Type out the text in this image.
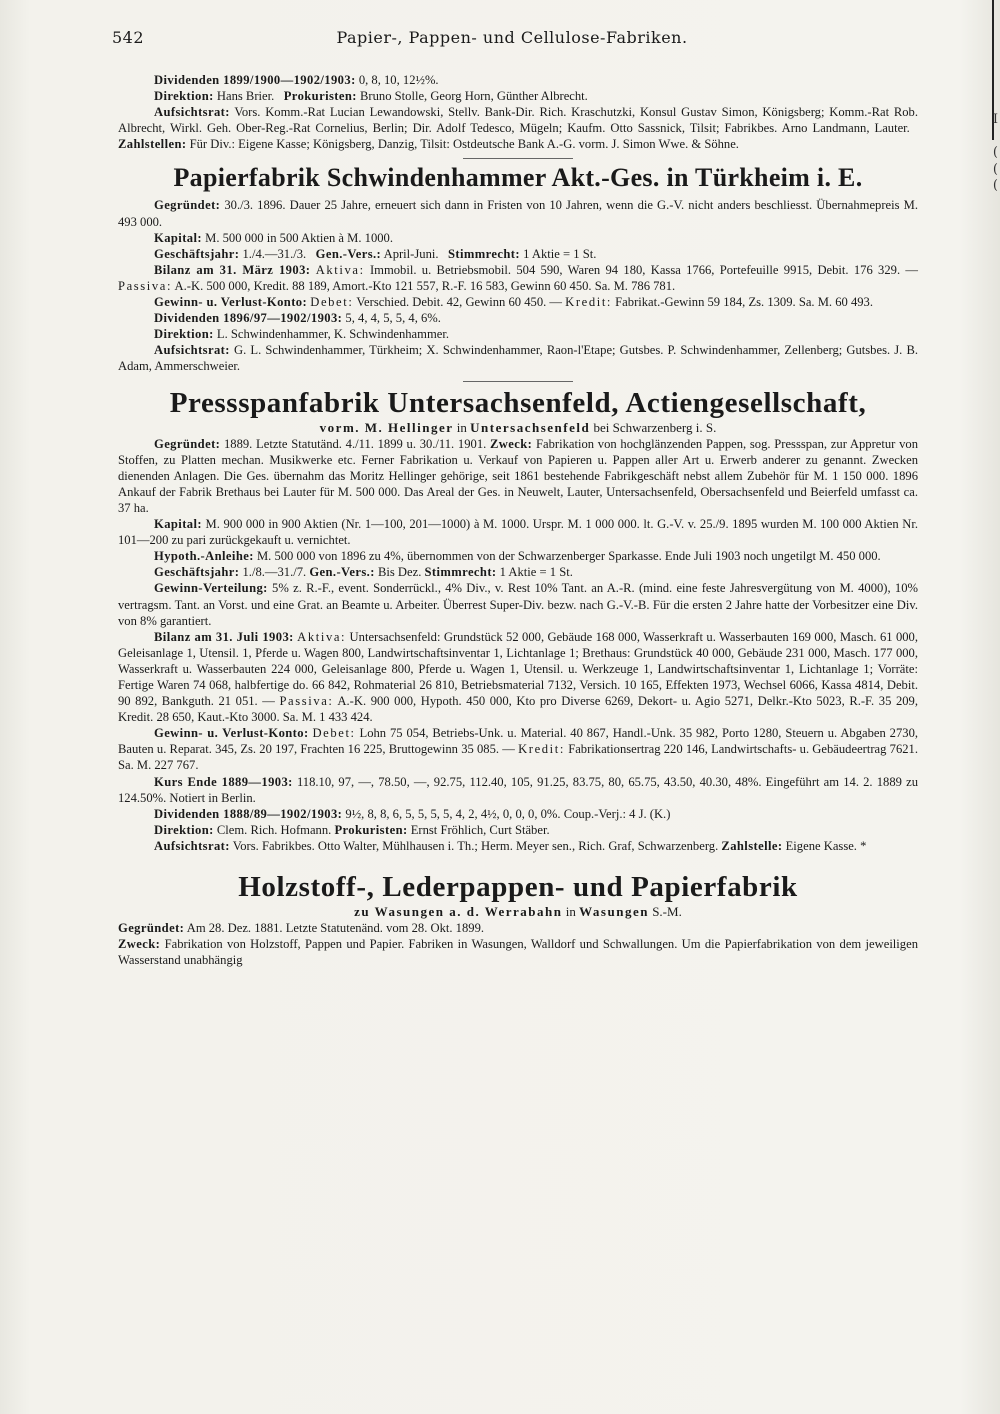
I
(
(
(
542	Papier-, Pappen- und Cellulose-Fabriken.

Dividenden 1899/1900—1902/1903: 0, 8, 10, 12½%.

Direktion: Hans Brier. Prokuristen: Bruno Stolle, Georg Horn, Günther Albrecht.

Aufsichtsrat: Vors. Komm.-Rat Lucian Lewandowski, Stellv. Bank-Dir. Rich. Kraschutzki, Konsul Gustav Simon, Königsberg; Komm.-Rat Rob. Albrecht, Wirkl. Geh. Ober-Reg.-Rat Cornelius, Berlin; Dir. Adolf Tedesco, Mügeln; Kaufm. Otto Sassnick, Tilsit; Fabrikbes. Arno Landmann, Lauter.   Zahlstellen: Für Div.: Eigene Kasse; Königsberg, Danzig, Tilsit: Ostdeutsche Bank A.-G. vorm. J. Simon Wwe. & Söhne.

Papierfabrik Schwindenhammer Akt.-Ges. in Türkheim i. E.

Gegründet: 30./3. 1896. Dauer 25 Jahre, erneuert sich dann in Fristen von 10 Jahren, wenn die G.-V. nicht anders beschliesst. Übernahmepreis M. 493 000.

Kapital: M. 500 000 in 500 Aktien à M. 1000.

Geschäftsjahr: 1./4.—31./3. Gen.-Vers.: April-Juni. Stimmrecht: 1 Aktie = 1 St.

Bilanz am 31. März 1903: Aktiva: Immobil. u. Betriebsmobil. 504 590, Waren 94 180, Kassa 1766, Portefeuille 9915, Debit. 176 329. — Passiva: A.-K. 500 000, Kredit. 88 189, Amort.-Kto 121 557, R.-F. 16 583, Gewinn 60 450. Sa. M. 786 781.

Gewinn- u. Verlust-Konto: Debet: Verschied. Debit. 42, Gewinn 60 450. — Kredit: Fabrikat.-Gewinn 59 184, Zs. 1309. Sa. M. 60 493.

Dividenden 1896/97—1902/1903: 5, 4, 4, 5, 5, 4, 6%.

Direktion: L. Schwindenhammer, K. Schwindenhammer.

Aufsichtsrat: G. L. Schwindenhammer, Türkheim; X. Schwindenhammer, Raon-l'Etape; Gutsbes. P. Schwindenhammer, Zellenberg; Gutsbes. J. B. Adam, Ammerschweier.

Pressspanfabrik Untersachsenfeld, Actiengesellschaft,

vorm. M. Hellinger in Untersachsenfeld bei Schwarzenberg i. S.

Gegründet: 1889. Letzte Statutänd. 4./11. 1899 u. 30./11. 1901. Zweck: Fabrikation von hochglänzenden Pappen, sog. Pressspan, zur Appretur von Stoffen, zu Platten mechan. Musikwerke etc. Ferner Fabrikation u. Verkauf von Papieren u. Pappen aller Art u. Erwerb anderer zu genannt. Zwecken dienenden Anlagen. Die Ges. übernahm das Moritz Hellinger gehörige, seit 1861 bestehende Fabrikgeschäft nebst allem Zubehör für M. 1 150 000. 1896 Ankauf der Fabrik Brethaus bei Lauter für M. 500 000. Das Areal der Ges. in Neuwelt, Lauter, Untersachsenfeld, Obersachsenfeld und Beierfeld umfasst ca. 37 ha.

Kapital: M. 900 000 in 900 Aktien (Nr. 1—100, 201—1000) à M. 1000. Urspr. M. 1 000 000. lt. G.-V. v. 25./9. 1895 wurden M. 100 000 Aktien Nr. 101—200 zu pari zurückgekauft u. vernichtet.

Hypoth.-Anleihe: M. 500 000 von 1896 zu 4%, übernommen von der Schwarzenberger Sparkasse. Ende Juli 1903 noch ungetilgt M. 450 000.

Geschäftsjahr: 1./8.—31./7. Gen.-Vers.: Bis Dez. Stimmrecht: 1 Aktie = 1 St.

Gewinn-Verteilung: 5% z. R.-F., event. Sonderrückl., 4% Div., v. Rest 10% Tant. an A.-R. (mind. eine feste Jahresvergütung von M. 4000), 10% vertragsm. Tant. an Vorst. und eine Grat. an Beamte u. Arbeiter. Überrest Super-Div. bezw. nach G.-V.-B. Für die ersten 2 Jahre hatte der Vorbesitzer eine Div. von 8% garantiert.

Bilanz am 31. Juli 1903: Aktiva: Untersachsenfeld: Grundstück 52 000, Gebäude 168 000, Wasserkraft u. Wasserbauten 169 000, Masch. 61 000, Geleisanlage 1, Utensil. 1, Pferde u. Wagen 800, Landwirtschaftsinventar 1, Lichtanlage 1; Brethaus: Grundstück 40 000, Gebäude 231 000, Masch. 177 000, Wasserkraft u. Wasserbauten 224 000, Geleisanlage 800, Pferde u. Wagen 1, Utensil. u. Werkzeuge 1, Landwirtschaftsinventar 1, Lichtanlage 1; Vorräte: Fertige Waren 74 068, halbfertige do. 66 842, Rohmaterial 26 810, Betriebsmaterial 7132, Versich. 10 165, Effekten 1973, Wechsel 6066, Kassa 4814, Debit. 90 892, Bankguth. 21 051. — Passiva: A.-K. 900 000, Hypoth. 450 000, Kto pro Diverse 6269, Dekort- u. Agio 5271, Delkr.-Kto 5023, R.-F. 35 209, Kredit. 28 650, Kaut.-Kto 3000. Sa. M. 1 433 424.

Gewinn- u. Verlust-Konto: Debet: Lohn 75 054, Betriebs-Unk. u. Material. 40 867, Handl.-Unk. 35 982, Porto 1280, Steuern u. Abgaben 2730, Bauten u. Reparat. 345, Zs. 20 197, Frachten 16 225, Bruttogewinn 35 085. — Kredit: Fabrikationsertrag 220 146, Landwirtschafts- u. Gebäudeertrag 7621. Sa. M. 227 767.

Kurs Ende 1889—1903: 118.10, 97, —, 78.50, —, 92.75, 112.40, 105, 91.25, 83.75, 80, 65.75, 43.50, 40.30, 48%. Eingeführt am 14. 2. 1889 zu 124.50%. Notiert in Berlin.

Dividenden 1888/89—1902/1903: 9½, 8, 8, 6, 5, 5, 5, 5, 4, 2, 4½, 0, 0, 0, 0%. Coup.-Verj.: 4 J. (K.)

Direktion: Clem. Rich. Hofmann. Prokuristen: Ernst Fröhlich, Curt Stäber.

Aufsichtsrat: Vors. Fabrikbes. Otto Walter, Mühlhausen i. Th.; Herm. Meyer sen., Rich. Graf, Schwarzenberg. Zahlstelle: Eigene Kasse. *

Holzstoff-, Lederpappen- und Papierfabrik

zu Wasungen a. d. Werrabahn in Wasungen S.-M.

Gegründet: Am 28. Dez. 1881. Letzte Statutenänd. vom 28. Okt. 1899.

Zweck: Fabrikation von Holzstoff, Pappen und Papier. Fabriken in Wasungen, Walldorf und Schwallungen. Um die Papierfabrikation von dem jeweiligen Wasserstand unabhängig
